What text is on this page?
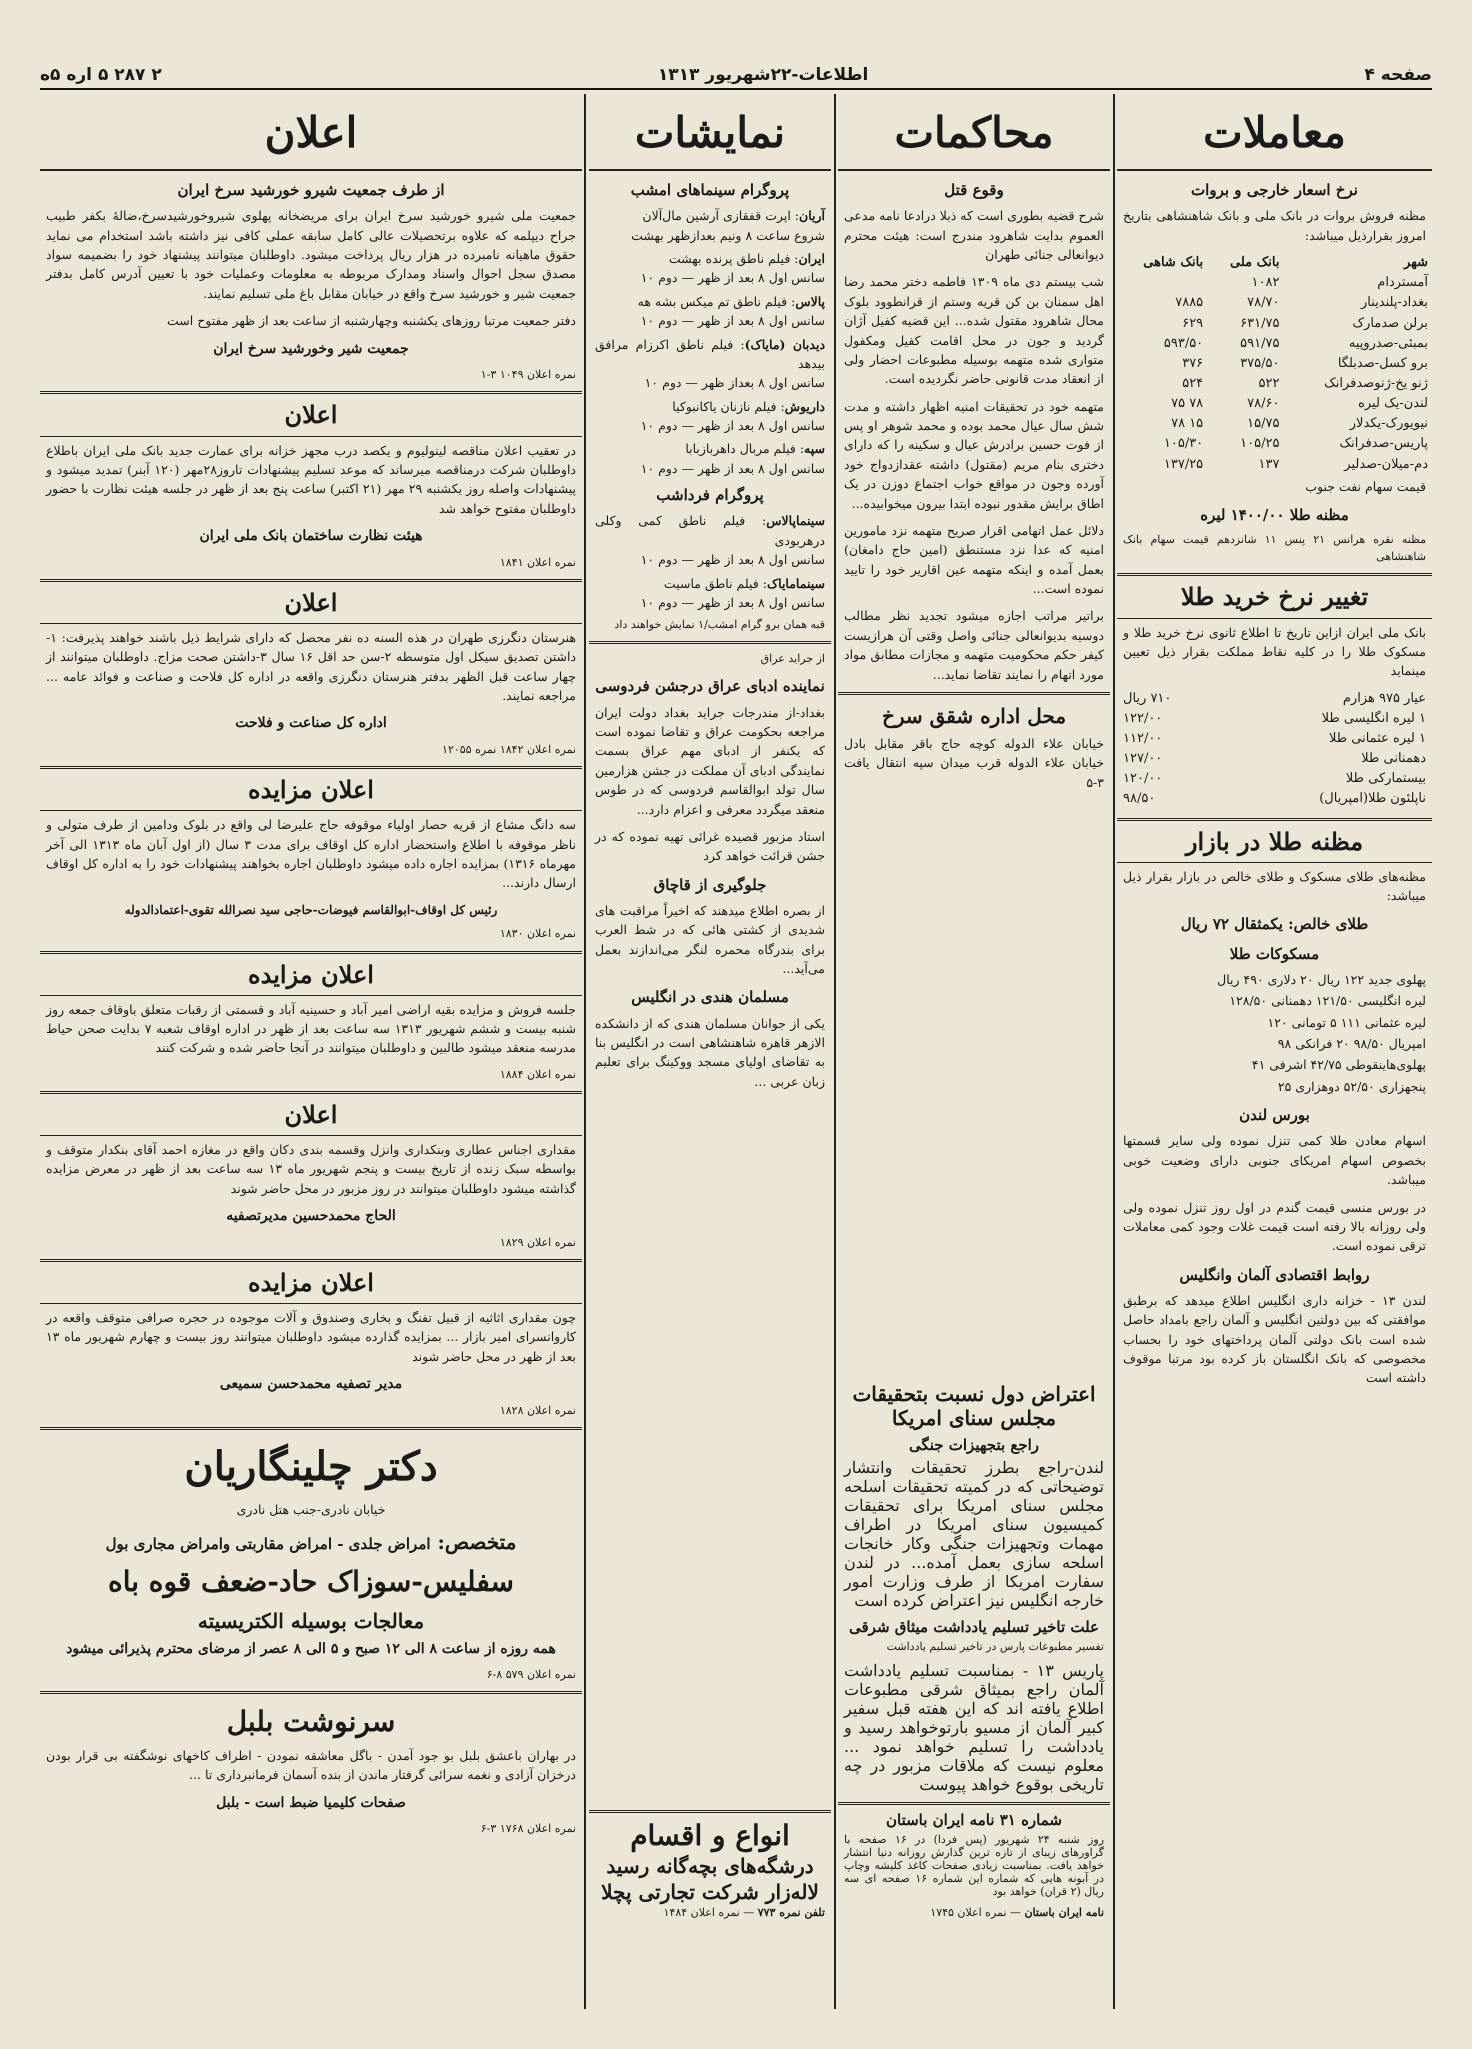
صفحه ۴
اطلاعات-۲۲شهریور ۱۳۱۳
۲ ۲۸۷ ۵ اره ۵ه
معاملات
نرخ اسعار خارجی و بروات
مظنه فروش بروات در بانک ملی و بانک شاهنشاهی بتاریخ امروز بقرارذیل میباشد:
شهر	بانک ملی	بانک شاهی
آمستردام	۱۰۸۲	
بغداد-پلندینار	۷۸/۷۰	۷۸۸۵
برلن صدمارک	۶۳۱/۷۵	۶۲۹
بمبئی-صدروپیه	۵۹۱/۷۵	۵۹۳/۵۰
برو کسل-صدبلگا	۳۷۵/۵۰	۳۷۶
ژنو یخ-ژنوصدفرانک	۵۲۲	۵۲۴
لندن-یک لیره	۷۸/۶۰	۷۸ ۷۵
نیویورک-یکدلار	۱۵/۷۵	۱۵ ۷۸
پاریس-صدفرانک	۱۰۵/۲۵	۱۰۵/۳۰
دم-میلان-صدلیر	۱۳۷	۱۳۷/۲۵
قیمت سهام نفت جنوب
مظنه طلا ۱۴۰۰/۰۰ لیره
مظنه نقره هرانس ۲۱ پنس ۱۱ شانزدهم قیمت سهام بانک شاهنشاهی
تغییر نرخ خرید طلا
بانک ملی ایران ازاین تاریخ تا اطلاع ثانوی نرخ خرید طلا و مسکوک طلا را در کلیه نقاط مملکت بقرار ذیل تعیین مینماید
عیار ۹۷۵ هزارم
۷۱۰ ریال
۱ لیره انگلیسی طلا
۱۲۲/۰۰
۱ لیره عثمانی طلا
۱۱۲/۰۰
دهمنانی طلا
۱۲۷/۰۰
بیستمارکی طلا
۱۲۰/۰۰
ناپلئون طلا(امپریال)
۹۸/۵۰
مظنه طلا در بازار
مظنه‌های طلای مسکوک و طلای خالص در بازار بقرار ذیل میباشد:
طلای خالص: یکمثقال ۷۲ ریال
مسکوکات طلا
پهلوی جدید ۱۲۲ ریال ۲۰ دلاری ۴۹۰ ریال
لیره انگلیسی ۱۲۱/۵۰ دهمنانی ۱۲۸/۵۰
لیره عثمانی ۱۱۱ ۵ تومانی ۱۲۰
امپریال ۹۸/۵۰ ۲۰ فرانکی ۹۸
پهلوی‌هاینقوطی ۴۲/۷۵ اشرفی ۴۱
پنجهزاری ۵۲/۵۰ دوهزاری ۲۵
بورس لندن
اسهام معادن طلا کمی تنزل نموده ولی سایر قسمتها بخصوص اسهام امریکای جنوبی دارای وضعیت خوبی میباشد.
در بورس منسی قیمت گندم در اول روز تنزل نموده ولی ولی روزانه بالا رفته است قیمت غلات وجود کمی معاملات ترقی نموده است.
روابط اقتصادی آلمان وانگلیس
لندن ۱۳ - خزانه داری انگلیس اطلاع میدهد که برطبق موافقتی که بین دولتین انگلیس و آلمان راجع بامداد حاصل شده است بانک دولتی آلمان پرداختهای خود را بحساب مخصوصی که بانک انگلستان باز کرده بود مرتبا موقوف داشته است
محاکمات
وقوع قتل
شرح قضیه بطوری است که ذبلا درادعا نامه مدعی العموم بدایت شاهرود مندرج است: هیئت محترم دیوانعالی جنائی طهران
شب بیستم دی ماه ۱۳۰۹ فاطمه دختر محمد رضا اهل سمنان بن کن قریه وستم از قرانطوود بلوک محال شاهرود مقتول شده... این قضیه کفیل آژان گردید و جون در محل اقامت کفیل ومکفول متواری شده متهمه بوسیله مطبوعات احضار ولی از انعقاد مدت قانونی حاضر نگردیده است.
متهمه خود در تحقیقات امنیه اظهار داشته و مدت شش سال عیال محمد بوده و محمد شوهر او پس از فوت حسین برادرش عیال و سکینه را که دارای دختری بنام مریم (مقتول) داشته عقدازدواج خود آورده وجون در مواقع خواب اجتماع دوزن در یک اطاق برایش مقدور نبوده ابتدا بیرون میخوابیده...
دلائل عمل اتهامی اقرار صریح متهمه نزد مامورین امنیه که عدا نزد مستنطق (امین حاج دامغان) بعمل آمده و اینکه متهمه عین اقاریر خود را تایید نموده است...
براتیر مراتب اجازه میشود تجدید نظر مطالب دوسیه بدیوانعالی جنائی واصل وقتی آن هرازیست کیفر حکم محکومیت متهمه و مجازات مطابق مواد مورد اتهام را نمایند تقاضا نماید...
محل اداره شقق سرخ
خیابان علاء الدوله کوچه حاج باقر مقابل بادل خیابان علاء الدوله قرب میدان سپه انتقال یافت ۳-۵
نمایشات
پروگرام سینماهای امشب
آریان: اپرت قفقازی آرشین مال‌آلان
شروع ساعت ۸ ونیم بعدازظهر بهشت
ایران: فیلم ناطق پرنده بهشت
سانس اول ۸ بعد از ظهر — دوم ۱۰
پالاس: فیلم ناطق تم میکس بشه هه
سانس اول ۸ بعد از ظهر — دوم ۱۰
دیدبان (مایاک): فیلم ناطق اکرزام مرافق بیدهد
سانس اول ۸ بعداز ظهر — دوم ۱۰
داریوش: فیلم نازنان یاکانبوکیا
سانس اول ۸ بعد از ظهر — دوم ۱۰
سپه: فیلم مربال داهربازبابا
سانس اول ۸ بعد از ظهر — دوم ۱۰
پروگرام فرداشب
سینماپالاس: فیلم ناطق کمی وکلی درهربودی
سانس اول ۸ بعد از ظهر — دوم ۱۰
سینمامایاک: فیلم ناطق ماسیت
سانس اول ۸ بعد از ظهر — دوم ۱۰
قبه همان برو گرام امشب/۱ نمایش خواهند داد
از جراید عراق
نماینده ادبای عراق درجشن فردوسی
بغداد-از مندرجات جراید بغداد دولت ایران مراجعه بحکومت عراق و تقاضا نموده است که یکنفر از ادبای مهم عراق بسمت نمایندگی ادبای آن مملکت در جشن هزارمین سال تولد ابوالقاسم فردوسی که در طوس منعقد میگردد معرفی و اعزام دارد...
استاد مزبور قصیده غرائی تهیه نموده که در جشن قرائت خواهد کرد
جلوگیری از قاچاق
از بصره اطلاع میدهند که اخیراً مراقبت های شدیدی از کشتی هائی که در شط العرب برای بندرگاه محمره لنگر می‌اندازند بعمل می‌آید...
مسلمان هندی در انگلیس
یکی از جوانان مسلمان هندی که از دانشکده الازهر قاهره شاهنشاهی است در انگلیس بنا به تقاضای اولیای مسجد ووکینگ برای تعلیم زبان عربی ...
اعتراض دول نسبت بتحقیقات مجلس سنای امریکا
راجع بتجهیزات جنگی
لندن-راجع بطرز تحقیقات وانتشار توضیحاتی که در کمیته تحقیقات اسلحه مجلس سنای امریکا برای تحقیقات کمیسیون سنای امریکا در اطراف مهمات وتجهیزات جنگی وکار خانجات اسلحه سازی بعمل آمده... در لندن سفارت امریکا از طرف وزارت امور خارجه انگلیس نیز اعتراض کرده است
علت تاخیر تسلیم یادداشت میثاق شرقی
تفسیر مطبوعات پارس در تاخیر تسلیم یادداشت
پاریس ۱۳ - بمناسبت تسلیم یادداشت آلمان راجع بمیثاق شرقی مطبوعات اطلاع یافته اند که این هفته قبل سفیر کبیر آلمان از مسیو بارتوخواهد رسید و یادداشت را تسلیم خواهد نمود ... معلوم نیست که ملاقات مزبور در چه تاریخی بوقوع خواهد پیوست
شماره ۳۱ نامه ایران باستان
روز شنبه ۲۴ شهریور (پس فردا) در ۱۶ صفحه با گراورهای زیبای از تازه ترین گذارش روزانه دنیا انتشار خواهد یافت. بمناسبت زیادی صفحات کاغذ کلیشه وچاپ در آبونه هایی که شماره این شماره ۱۶ صفحه ای سه ریال (۲ قران) خواهد بود
نامه ایران باستان — نمره اعلان ۱۷۴۵
اعلان
از طرف جمعیت شیرو خورشید سرخ ایران
جمعیت ملی شیرو خورشید سرخ ایران برای مریضخانه پهلوی شیروخورشیدسرخ،ضالهٔ بکفر طبیب جراح دیپلمه که علاوه برتحصیلات عالی کامل سابقه عملی کافی نیز داشته باشد استخدام می نماید حقوق ماهیانه نامبرده در هزار ریال پرداخت میشود. داوطلبان میتوانند پیشنهاد خود را بضمیمه سواد مصدق سجل احوال واسناد ومدارک مربوطه به معلومات وعملیات خود با تعیین آدرس کامل بدفتر جمعیت شیر و خورشید سرخ واقع در خیابان مقابل باغ ملی تسلیم نمایند.
دفتر جمعیت مرتبا روزهای یکشنبه وچهارشنبه از ساعت بعد از ظهر مفتوح است
جمعیت شیر وخورشید سرخ ایران
نمره اعلان ۱۰۴۹ ۳-۱
اعلان
در تعقیب اعلان مناقصه لینولیوم و یکصد درب مجهز خزانه برای عمارت جدید بانک ملی ایران باطلاع داوطلبان شرکت درمناقصه میرساند که موعد تسلیم پیشنهادات تاروز۲۸مهر (۱۲۰ آبنر) تمدید میشود و پیشنهادات واصله روز یکشنبه ۲۹ مهر (۲۱ اکتبر) ساعت پنج بعد از ظهر در جلسه هیئت نظارت با حضور داوطلبان مفتوح خواهد شد
هیئت نظارت ساختمان بانک ملی ایران
نمره اعلان ۱۸۴۱
اعلان
هنرستان دنگرزی طهران در هذه السنه ده نفر محصل که دارای شرایط ذیل باشند خواهند پذیرفت: ۱-داشتن تصدیق سیکل اول متوسطه ۲-سن حد اقل ۱۶ سال ۳-داشتن صحت مزاج. داوطلبان میتوانند از چهار ساعت قبل الظهر بدفتر هنرستان دنگرزی واقعه در اداره کل فلاحت و صناعت و فوائد عامه ... مراجعه نمایند.
اداره کل صناعت و فلاحت
نمره اعلان ۱۸۴۲ نمره ۱۲۰۵۵
اعلان مزایده
سه دانگ مشاع از قریه حصار اولیاء موقوفه حاج علیرضا لی واقع در بلوک ودامین از طرف متولی و ناظر موقوفه با اطلاع واستحضار اداره کل اوقاف برای مدت ۳ سال (از اول آبان ماه ۱۳۱۳ الی آخر مهرماه ۱۳۱۶) بمزایده اجاره داده میشود داوطلبان اجاره بخواهند پیشنهادات خود را به اداره کل اوقاف ارسال دارند...
رئیس کل اوقاف-ابوالقاسم فیوضات-حاجی سید نصرالله تقوی-اعتمادالدوله
نمره اعلان ۱۸۳۰
اعلان مزایده
جلسه فروش و مزایده بقیه اراضی امیر آباد و حسینیه آباد و قسمتی از رقبات متعلق باوقاف جمعه روز شنبه بیست و ششم شهریور ۱۳۱۳ سه ساعت بعد از ظهر در اداره اوقاف شعبه ۷ بدایت صحن حیاط مدرسه منعقد میشود طالبین و داوطلبان میتوانند در آنجا حاضر شده و شرکت کنند
نمره اعلان ۱۸۸۴
اعلان
مقداری اجناس عطاری وبنکداری وانزل وقسمه بندی دکان واقع در مغازه احمد آقای بنکدار متوقف و بواسطه سبک زنده از تاریخ بیست و پنجم شهریور ماه ۱۳ سه ساعت بعد از ظهر در معرض مزایده گذاشته میشود داوطلبان میتوانند در روز مزبور در محل حاضر شوند
الحاج محمدحسین مدیرتصفیه
نمره اعلان ۱۸۲۹
اعلان مزایده
چون مقداری اثاثیه از قبیل تفنگ و بخاری وصندوق و آلات موجوده در حجره صرافی متوقف واقعه در کاروانسرای امیر بازار ... بمزایده گذارده میشود داوطلبان میتوانند روز بیست و چهارم شهریور ماه ۱۳ بعد از ظهر در محل حاضر شوند
مدیر تصفیه محمدحسن سمیعی
نمره اعلان ۱۸۲۸
دکتر چلینگاریان
خیابان نادری-جنب هتل نادری
متخصص: امراض جلدی - امراض مقاربتی وامراض مجاری بول
سفلیس-سوزاک حاد-ضعف قوه باه
معالجات بوسیله الکتریسیته
همه روزه از ساعت ۸ الی ۱۲ صبح و ۵ الی ۸ عصر از مرضای محترم پذیرائی میشود
نمره اعلان ۵۷۹ ۸-۶
سرنوشت بلبل
در بهاران باعشق بلبل بو جود آمدن - باگل معاشقه نمودن - اطراف کاخهای نوشگفته بی قرار بودن درخزان آزادی و نغمه سرائی گرفتار ماندن از بنده آسمان فرمانبرداری تا ...
صفحات کلیمیا ضبط است - بلبل
نمره اعلان ۱۷۶۸ ۳-۶	انواع و اقسام
درشگه‌های بچه‌گانه رسید
لاله‌زار شرکت تجارتی پچلا
تلفن نمره ۷۷۳ — نمره اعلان ۱۴۸۴
